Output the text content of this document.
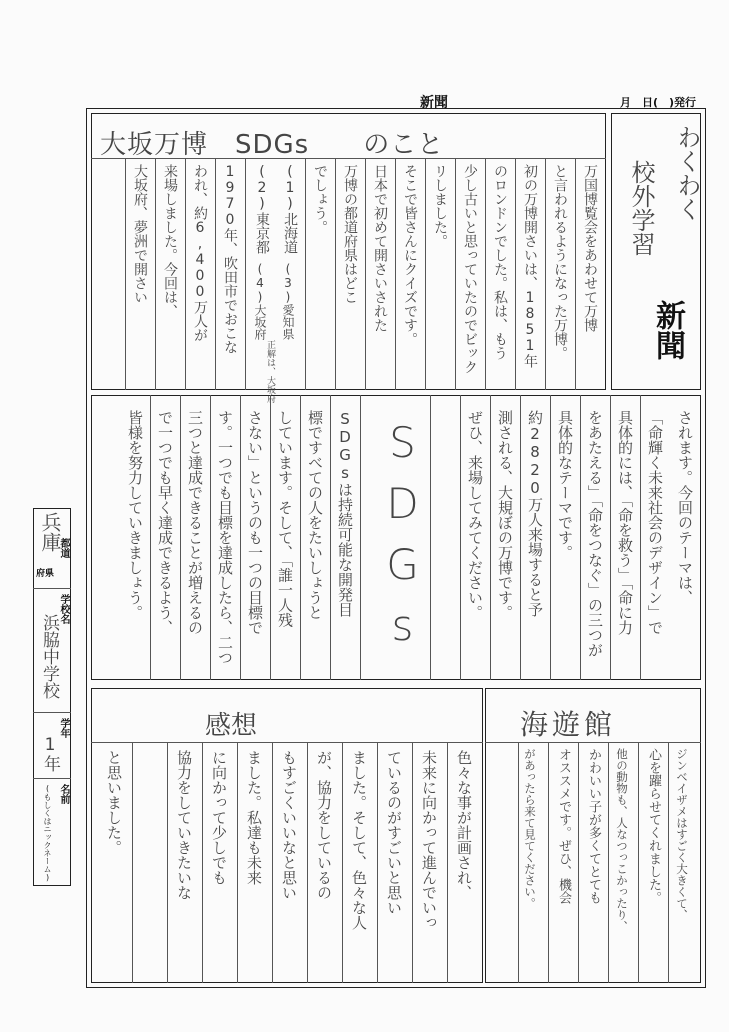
新聞	月　日(　)発行
大坂万博　SDGs　　のこと	わくわく
校外学習
新聞
万国博覧会をあわせて万博
と言われるようになった万博。
初の万博開さいは、1851年
のロンドンでした。私は、もう
少し古いと思っていたのでビック
リしました。
そこで皆さんにクイズです。
日本で初めて開さいされた
万博の都道府県はどこ
でしょう。
(1)北海道
(2)東京都
(3)愛知県
(4)大坂府
正解は、大坂府
1970年、吹田市でおこな
われ、約6,400万人が
来場しました。今回は、
大坂府、夢洲で開さい
されます。今回のテーマは、
「命輝く未来社会のデザイン」で
具体的には、「命を救う」「命に力
をあたえる」「命をつなぐ」の三つが
具体的なテーマです。
約2820万人来場すると予
測される、大規ぼの万博です。
ぜひ、来場してみてください。
SDGs
SDGsは持続可能な開発目
標ですべての人をたいしょうと
しています。そして、「誰一人残
さない」というのも一つの目標で
す。一つでも目標を達成したら、二つ
三つと達成できることが増えるの
で一つでも早く達成できるよう、
皆様を努力していきましょう。
感想
色々な事が計画され、
未来に向かって進んでいっ
ているのがすごいと思い
ました。そして、色々な人
が、協力をしているの
もすごくいいなと思い
ました。私達も未来
に向かって少しでも
協力をしていきたいな
と思いました。
海遊館
ジンベイザメはすごく大きくて、
心を躍らせてくれました。
他の動物も、人なつっこかったり、
かわいい子が多くてとても
オススメです。ぜひ、機会
があったら来て見てください。
兵庫
都道
府県
学校名
浜脇中学校
学年
1年
名前
(もしくはニックネーム)
